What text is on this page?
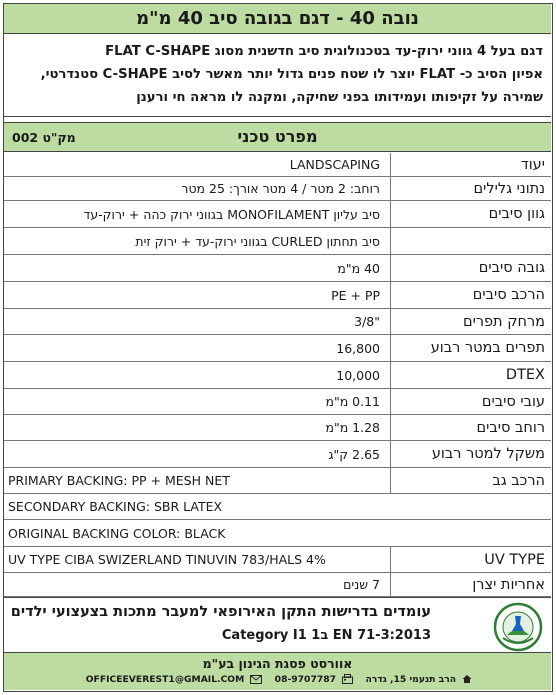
נובה 40 - דגם בגובה סיב 40 מ"מ
דגם בעל 4 גווני ירוק-עד בטכנולוגית סיב חדשנית מסוג FLAT C-SHAPE
אפיון הסיב כ- FLAT יוצר לו שטח פנים גדול יותר מאשר לסיב C-SHAPE סטנדרטי,
שמירה על זקיפותו ועמידותו בפני שחיקה, ומקנה לו מראה חי ורענן
מפרט טכני
מק"ט 002
יעוד
LANDSCAPING
נתוני גלילים
רוחב: 2 מטר / 4 מטר אורך: 25 מטר
גוון סיבים
סיב עליון MONOFILAMENT בגווני ירוק כהה + ירוק-עד
סיב תחתון CURLED בגווני ירוק-עד + ירוק זית
גובה סיבים
40 מ"מ
הרכב סיבים
PE + PP
מרחק תפרים
3/8"
תפרים במטר רבוע
16,800
DTEX
10,000
עובי סיבים
0.11 מ"מ
רוחב סיבים
1.28 מ"מ
משקל למטר רבוע
2.65 ק"ג
הרכב גב
PRIMARY BACKING: PP + MESH NET
SECONDARY BACKING: SBR LATEX
ORIGINAL BACKING COLOR: BLACK
UV TYPE
UV TYPE CIBA SWIZERLAND TINUVIN 783/HALS 4%
אחריות יצרן
7 שנים
עומדים בדרישות התקן האירופאי למעבר מתכות בצעצועי ילדים
Category I1 ב1 EN 71-3:2013
אוורסט פסגת הגינון בע"מ
הרב תנעמי 15, גדרה  08-9707787  OFFICEEVEREST1@GMAIL.COM
